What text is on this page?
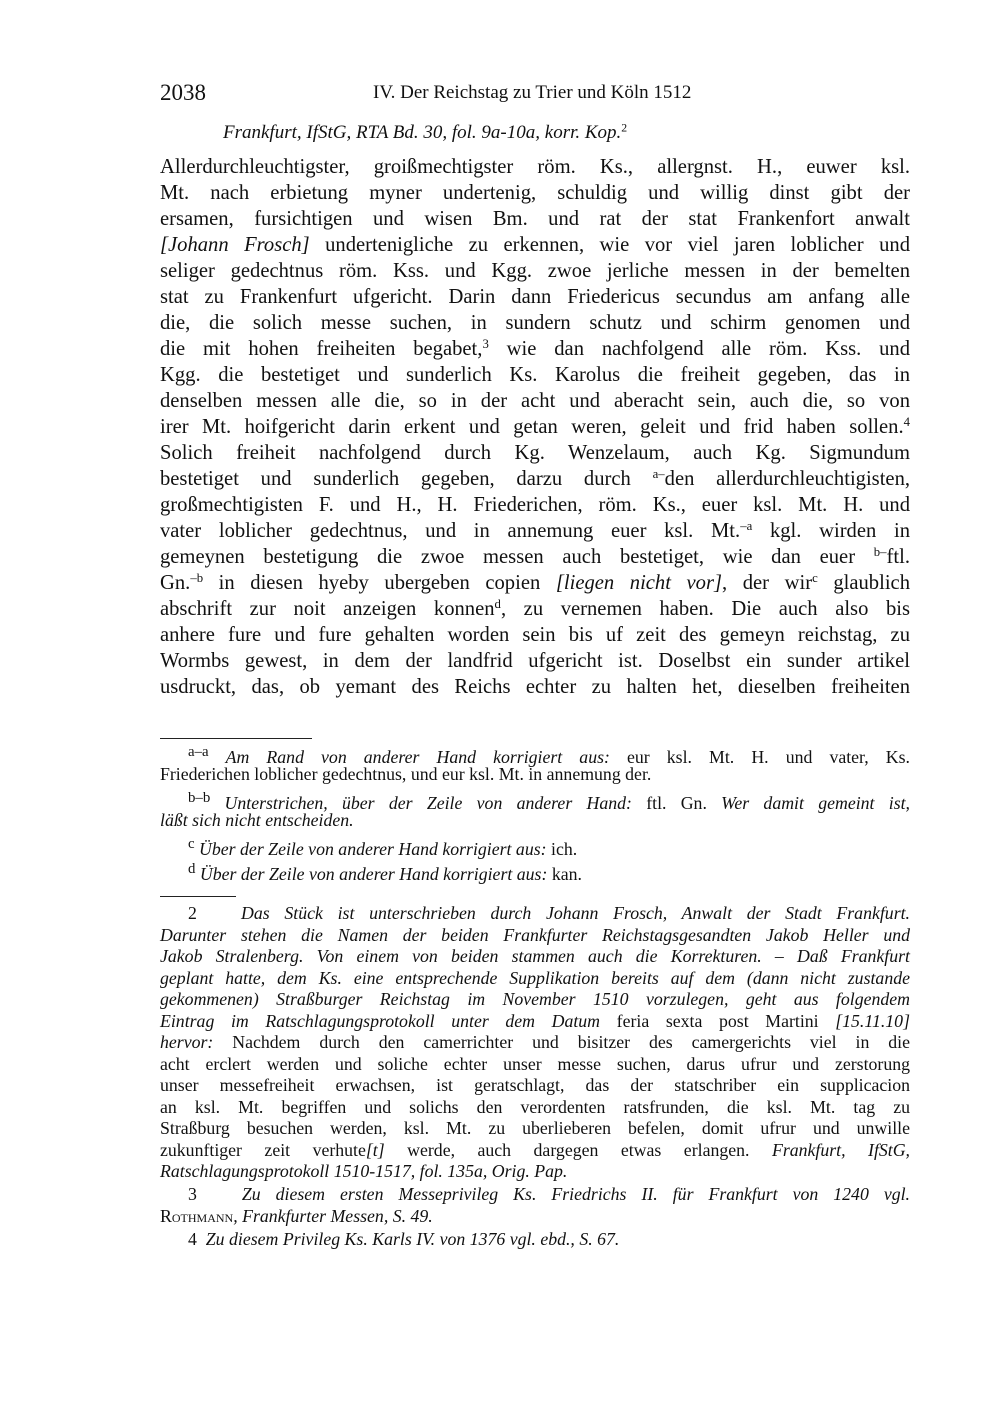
2038	IV. Der Reichstag zu Trier und Köln 1512
Frankfurt, IfStG, RTA Bd. 30, fol. 9a-10a, korr. Kop.$^2$
Allerdurchleuchtigster, groißmechtigster röm. Ks., allergnst. H., euwer ksl.
Mt. nach erbietung myner undertenig, schuldig und willig dinst gibt der
ersamen, fursichtigen und wisen Bm. und rat der stat Frankenfort anwalt
[Johann Frosch] undertenigliche zu erkennen, wie vor viel jaren loblicher und
seliger gedechtnus röm. Kss. und Kgg. zwoe jerliche messen in der bemelten
stat zu Frankenfurt ufgericht. Darin dann Friedericus secundus am anfang alle
die, die solich messe suchen, in sundern schutz und schirm genomen und
die mit hohen freiheiten begabet,$^3$ wie dan nachfolgend alle röm. Kss. und
Kgg. die bestetiget und sunderlich Ks. Karolus die freiheit gegeben, das in
denselben messen alle die, so in der acht und aberacht sein, auch die, so von
irer Mt. hoifgericht darin erkent und getan weren, geleit und frid haben sollen.$^4$
Solich freiheit nachfolgend durch Kg. Wenzelaum, auch Kg. Sigmundum
bestetiget und sunderlich gegeben, darzu durch $^{a-}$den allerdurchleuchtigisten,
großmechtigisten F. und H., H. Friederichen, röm. Ks., euer ksl. Mt. H. und
vater loblicher gedechtnus, und in annemung euer ksl. Mt.$^{-a}$ kgl. wirden in
gemeynen bestetigung die zwoe messen auch bestetiget, wie dan euer $^{b-}$ftl.
Gn.$^{-b}$ in diesen hyeby ubergeben copien [liegen nicht vor], der wir$^c$ glaublich
abschrift zur noit anzeigen konnen$^d$, zu vernemen haben. Die auch also bis
anhere fure und fure gehalten worden sein bis uf zeit des gemeyn reichstag, zu
Wormbs gewest, in dem der landfrid ufgericht ist. Doselbst ein sunder artikel
usdruckt, das, ob yemant des Reichs echter zu halten het, dieselben freiheiten
$^{a-a}$ Am Rand von anderer Hand korrigiert aus: eur ksl. Mt. H. und vater, Ks.
Friederichen loblicher gedechtnus, und eur ksl. Mt. in annemung der.
$^{b-b}$ Unterstrichen, über der Zeile von anderer Hand: ftl. Gn. Wer damit gemeint ist,
läßt sich nicht entscheiden.
$^c$ Über der Zeile von anderer Hand korrigiert aus: ich.
$^d$ Über der Zeile von anderer Hand korrigiert aus: kan.
2 Das Stück ist unterschrieben durch Johann Frosch, Anwalt der Stadt Frankfurt.
Darunter stehen die Namen der beiden Frankfurter Reichstagsgesandten Jakob Heller und
Jakob Stralenberg. Von einem von beiden stammen auch die Korrekturen. – Daß Frankfurt
geplant hatte, dem Ks. eine entsprechende Supplikation bereits auf dem (dann nicht zustande
gekommenen) Straßburger Reichstag im November 1510 vorzulegen, geht aus folgendem
Eintrag im Ratschlagungsprotokoll unter dem Datum feria sexta post Martini [15.11.10]
hervor: Nachdem durch den camerrichter und bisitzer des camergerichts viel in die
acht erclert werden und soliche echter unser messe suchen, darus ufrur und zerstorung
unser messefreiheit erwachsen, ist geratschlagt, das der statschriber ein supplicacion
an ksl. Mt. begriffen und solichs den verordenten ratsfrunden, die ksl. Mt. tag zu
Straßburg besuchen werden, ksl. Mt. zu uberlieberen befelen, domit ufrur und unwille
zukunftiger zeit verhute[t] werde, auch dargegen etwas erlangen. Frankfurt, IfStG,
Ratschlagungsprotokoll 1510-1517, fol. 135a, Orig. Pap.
3	Zu diesem ersten Messeprivileg Ks. Friedrichs II. für Frankfurt von 1240 vgl.
Rothmann, Frankfurter Messen, S. 49.
4 Zu diesem Privileg Ks. Karls IV. von 1376 vgl. ebd., S. 67.
